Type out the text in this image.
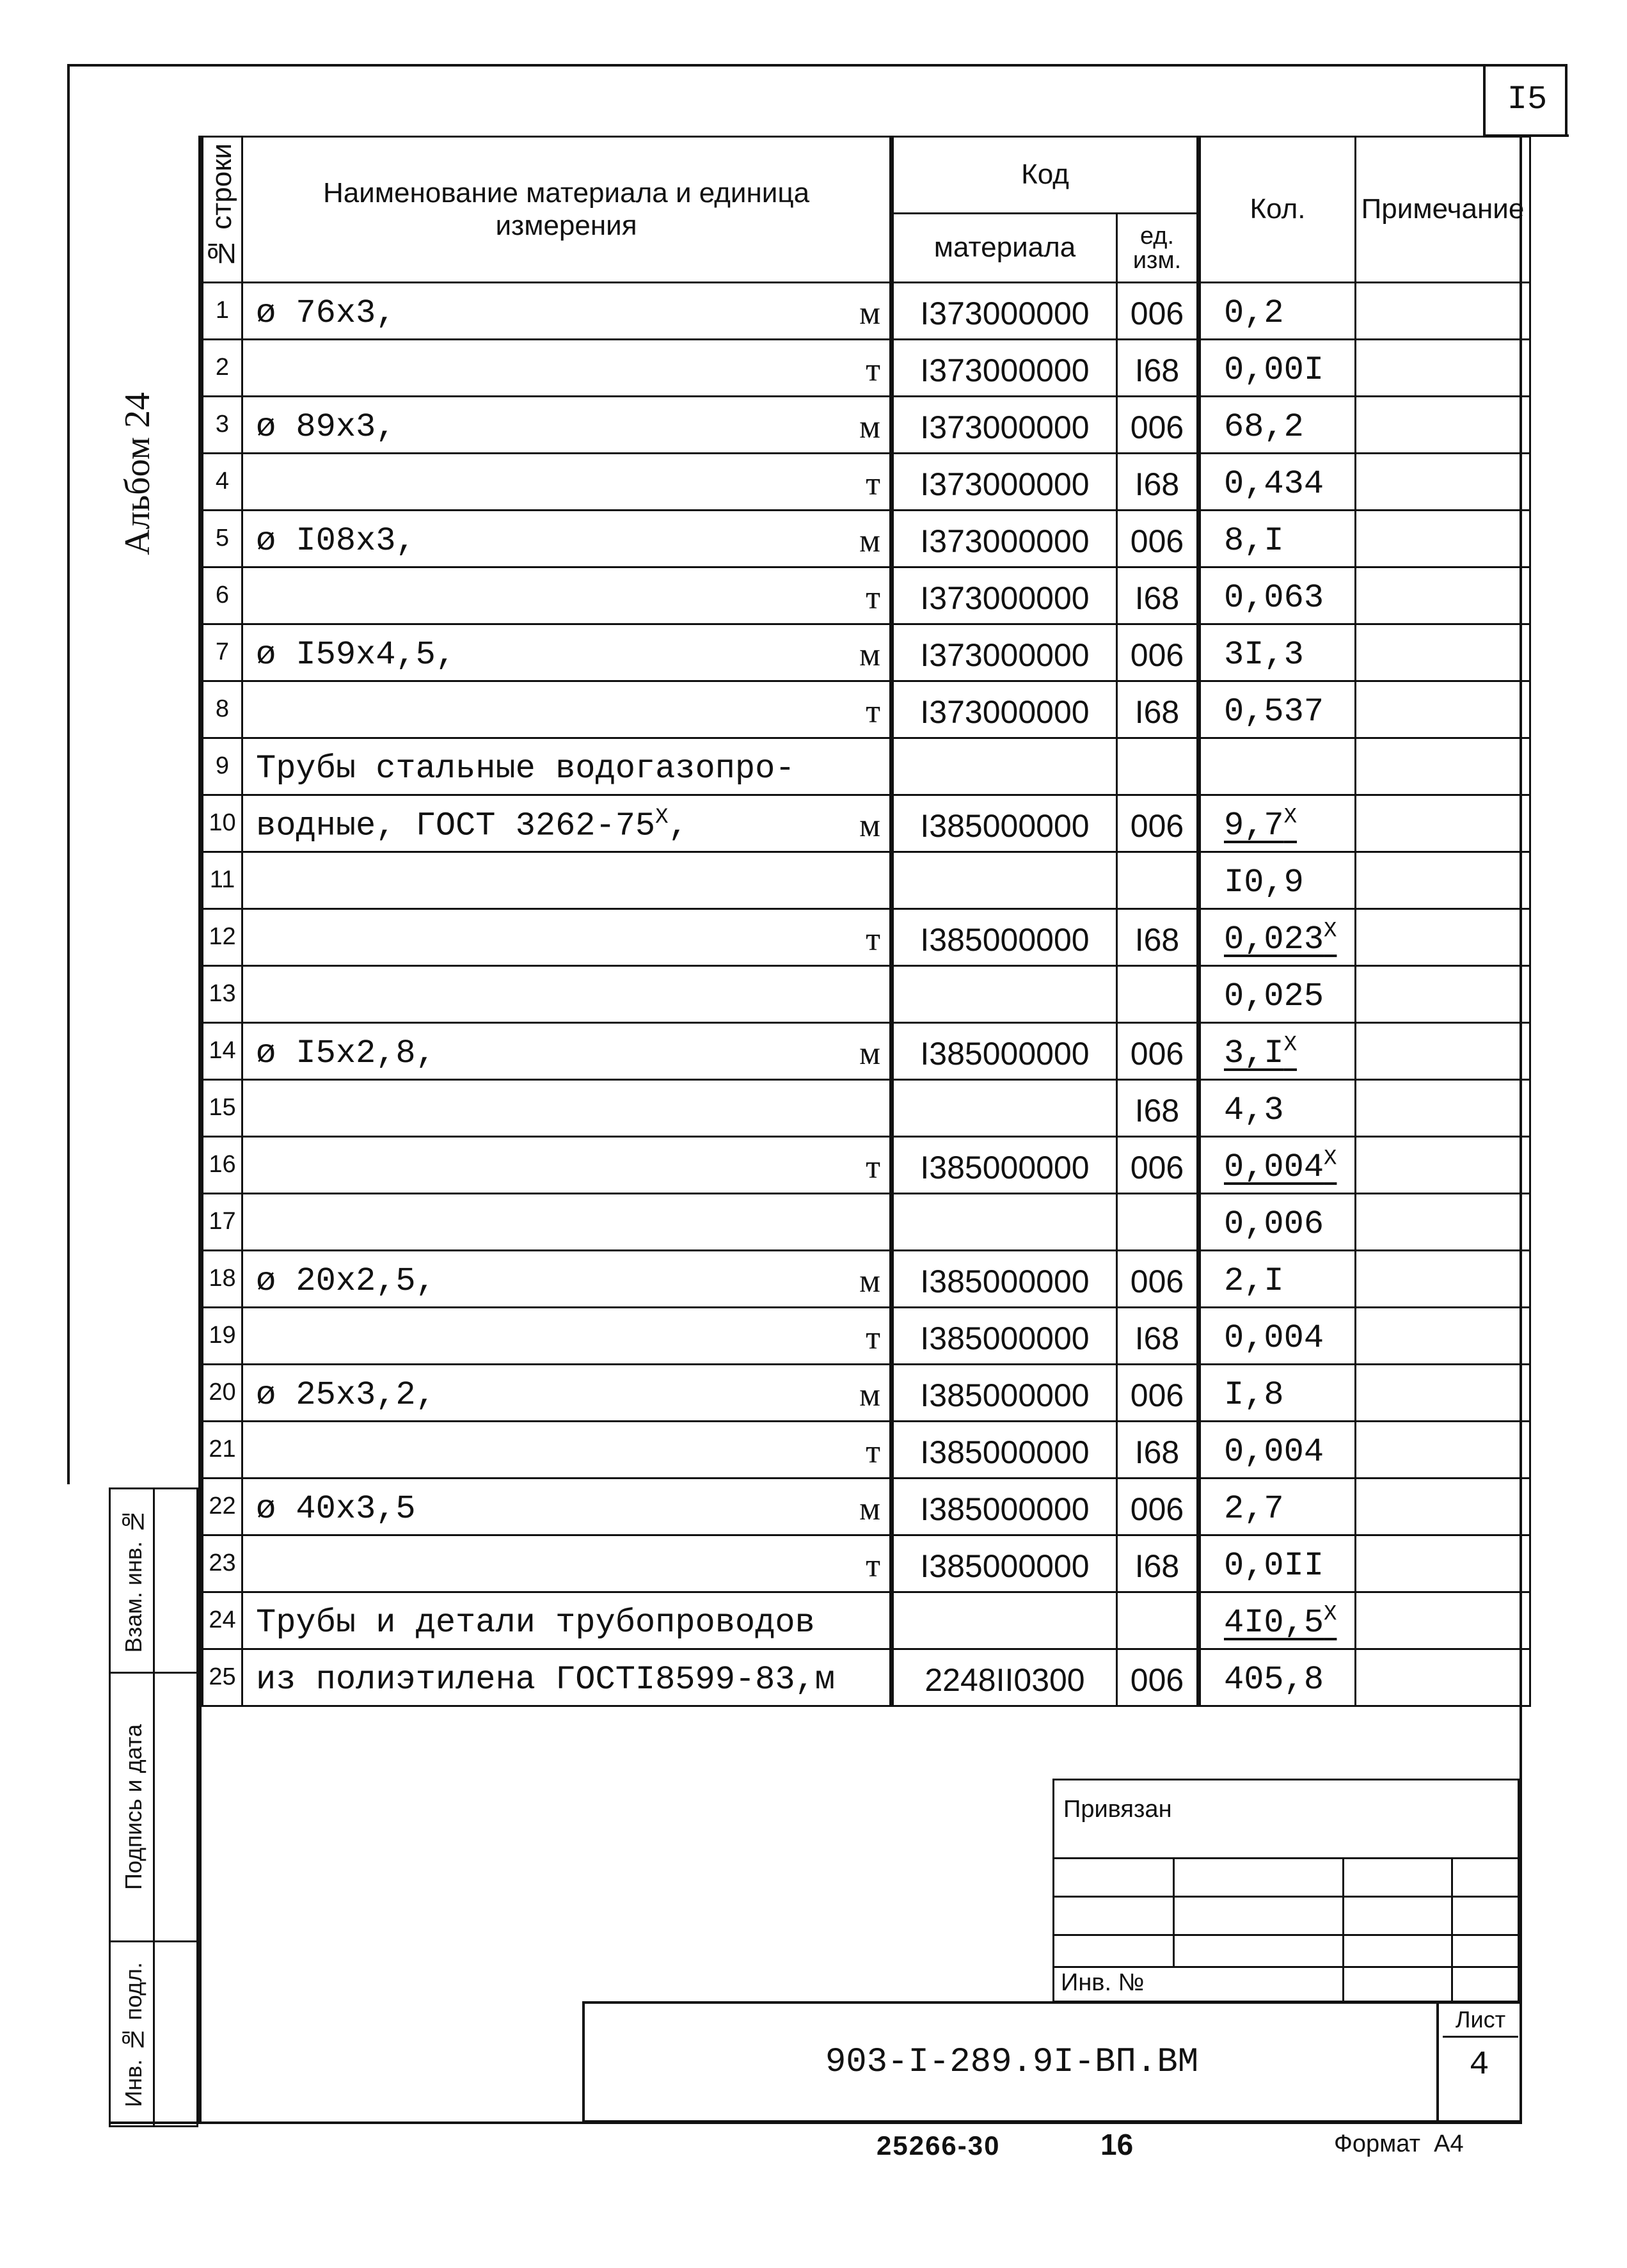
I5
Альбом 24
№ строки	Наименование материала и единица измерения	Код		Кол.	Примечание
		материала	ед. изм.		
1	ø 76x3, м	I373000000	006	0,2	
2	т	I373000000	I68	0,00I	
3	ø 89x3, м	I373000000	006	68,2	
4	т	I373000000	I68	0,434	
5	ø I08x3, м	I373000000	006	8,I	
6	т	I373000000	I68	0,063	
7	ø I59x4,5, м	I373000000	006	3I,3	
8	т	I373000000	I68	0,537	
9	Трубы стальные водогазопро-				

10	водные, ГОСТ $3262-75^X$, м	I385000000	006	$9,7^X$	
11				I0,9	
12	т	I385000000	I68	$0,023^X$	
13				0,025	
14	ø I5x2,8, м	I385000000	006	$3,I^X$	
15			I68	4,3	
16	т	I385000000	006	$0,004^X$	
17				0,006	
18	ø 20x2,5, м	I385000000	006	2,I	
19	т	I385000000	I68	0,004	
20	ø 25x3,2, м	I385000000	006	I,8	
21	т	I385000000	I68	0,004	
22	ø 40x3,5 м	I385000000	006	2,7	
23	т	I385000000	I68	0,0II	
24	Трубы и детали трубопроводов			$4I0,5^X$	
25	из полиэтилена ГОСТI8599-83,м	2248II0300	006	405,8	
Взам. инв. №
Подпись и дата
Инв. № подл.
Привязан
Инв. №
903-I-289.9I-ВП.ВМ
Лист
4
25266-30	16	Формат А4
